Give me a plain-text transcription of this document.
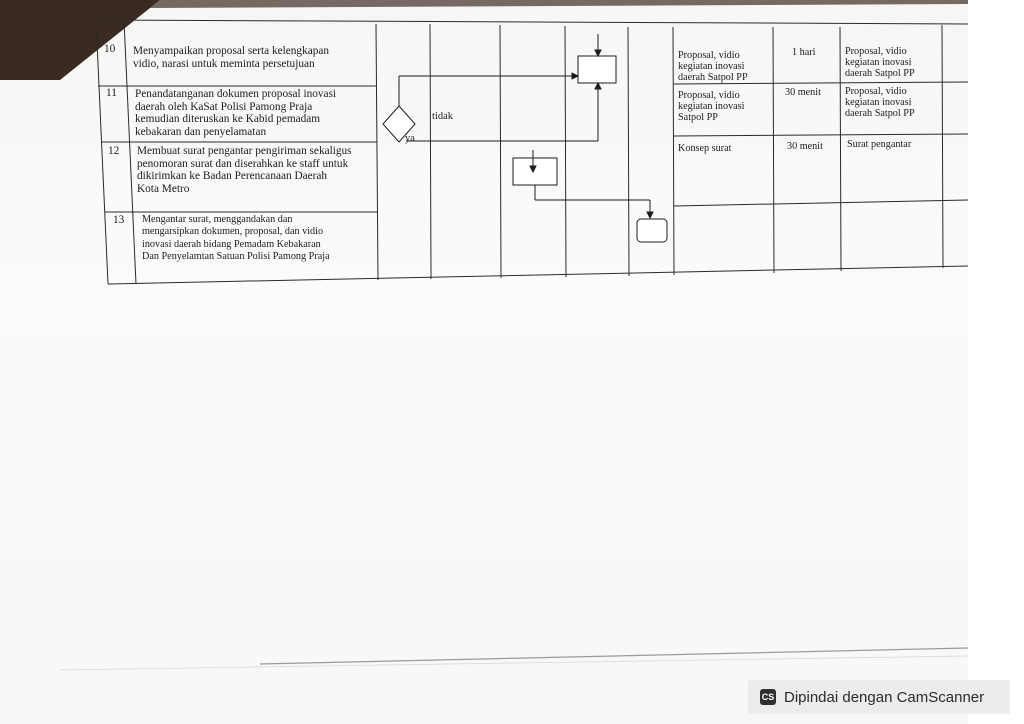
10
11
12
13
Menyampaikan proposal serta kelengkapan
vidio, narasi untuk meminta persetujuan
Penandatanganan dokumen proposal inovasi
daerah oleh KaSat Polisi Pamong Praja
kemudian diteruskan ke Kabid pemadam
kebakaran dan penyelamatan
Membuat surat pengantar pengiriman sekaligus
penomoran surat dan diserahkan ke staff untuk
dikirimkan ke Badan Perencanaan Daerah
Kota Metro
Mengantar surat, menggandakan dan
mengarsipkan dokumen, proposal, dan vidio
inovasi daerah bidang Pemadam Kebakaran
Dan Penyelamtan Satuan Polisi Pamong Praja
tidak
ya
Proposal, vidio
kegiatan inovasi
daerah Satpol PP
Proposal, vidio
kegiatan inovasi
Satpol PP
Konsep surat
1 hari
30 menit
30 menit
Proposal, vidio
kegiatan inovasi
daerah Satpol PP
Proposal, vidio
kegiatan inovasi
daerah Satpol PP
Surat pengantar
CS Dipindai dengan CamScanner
